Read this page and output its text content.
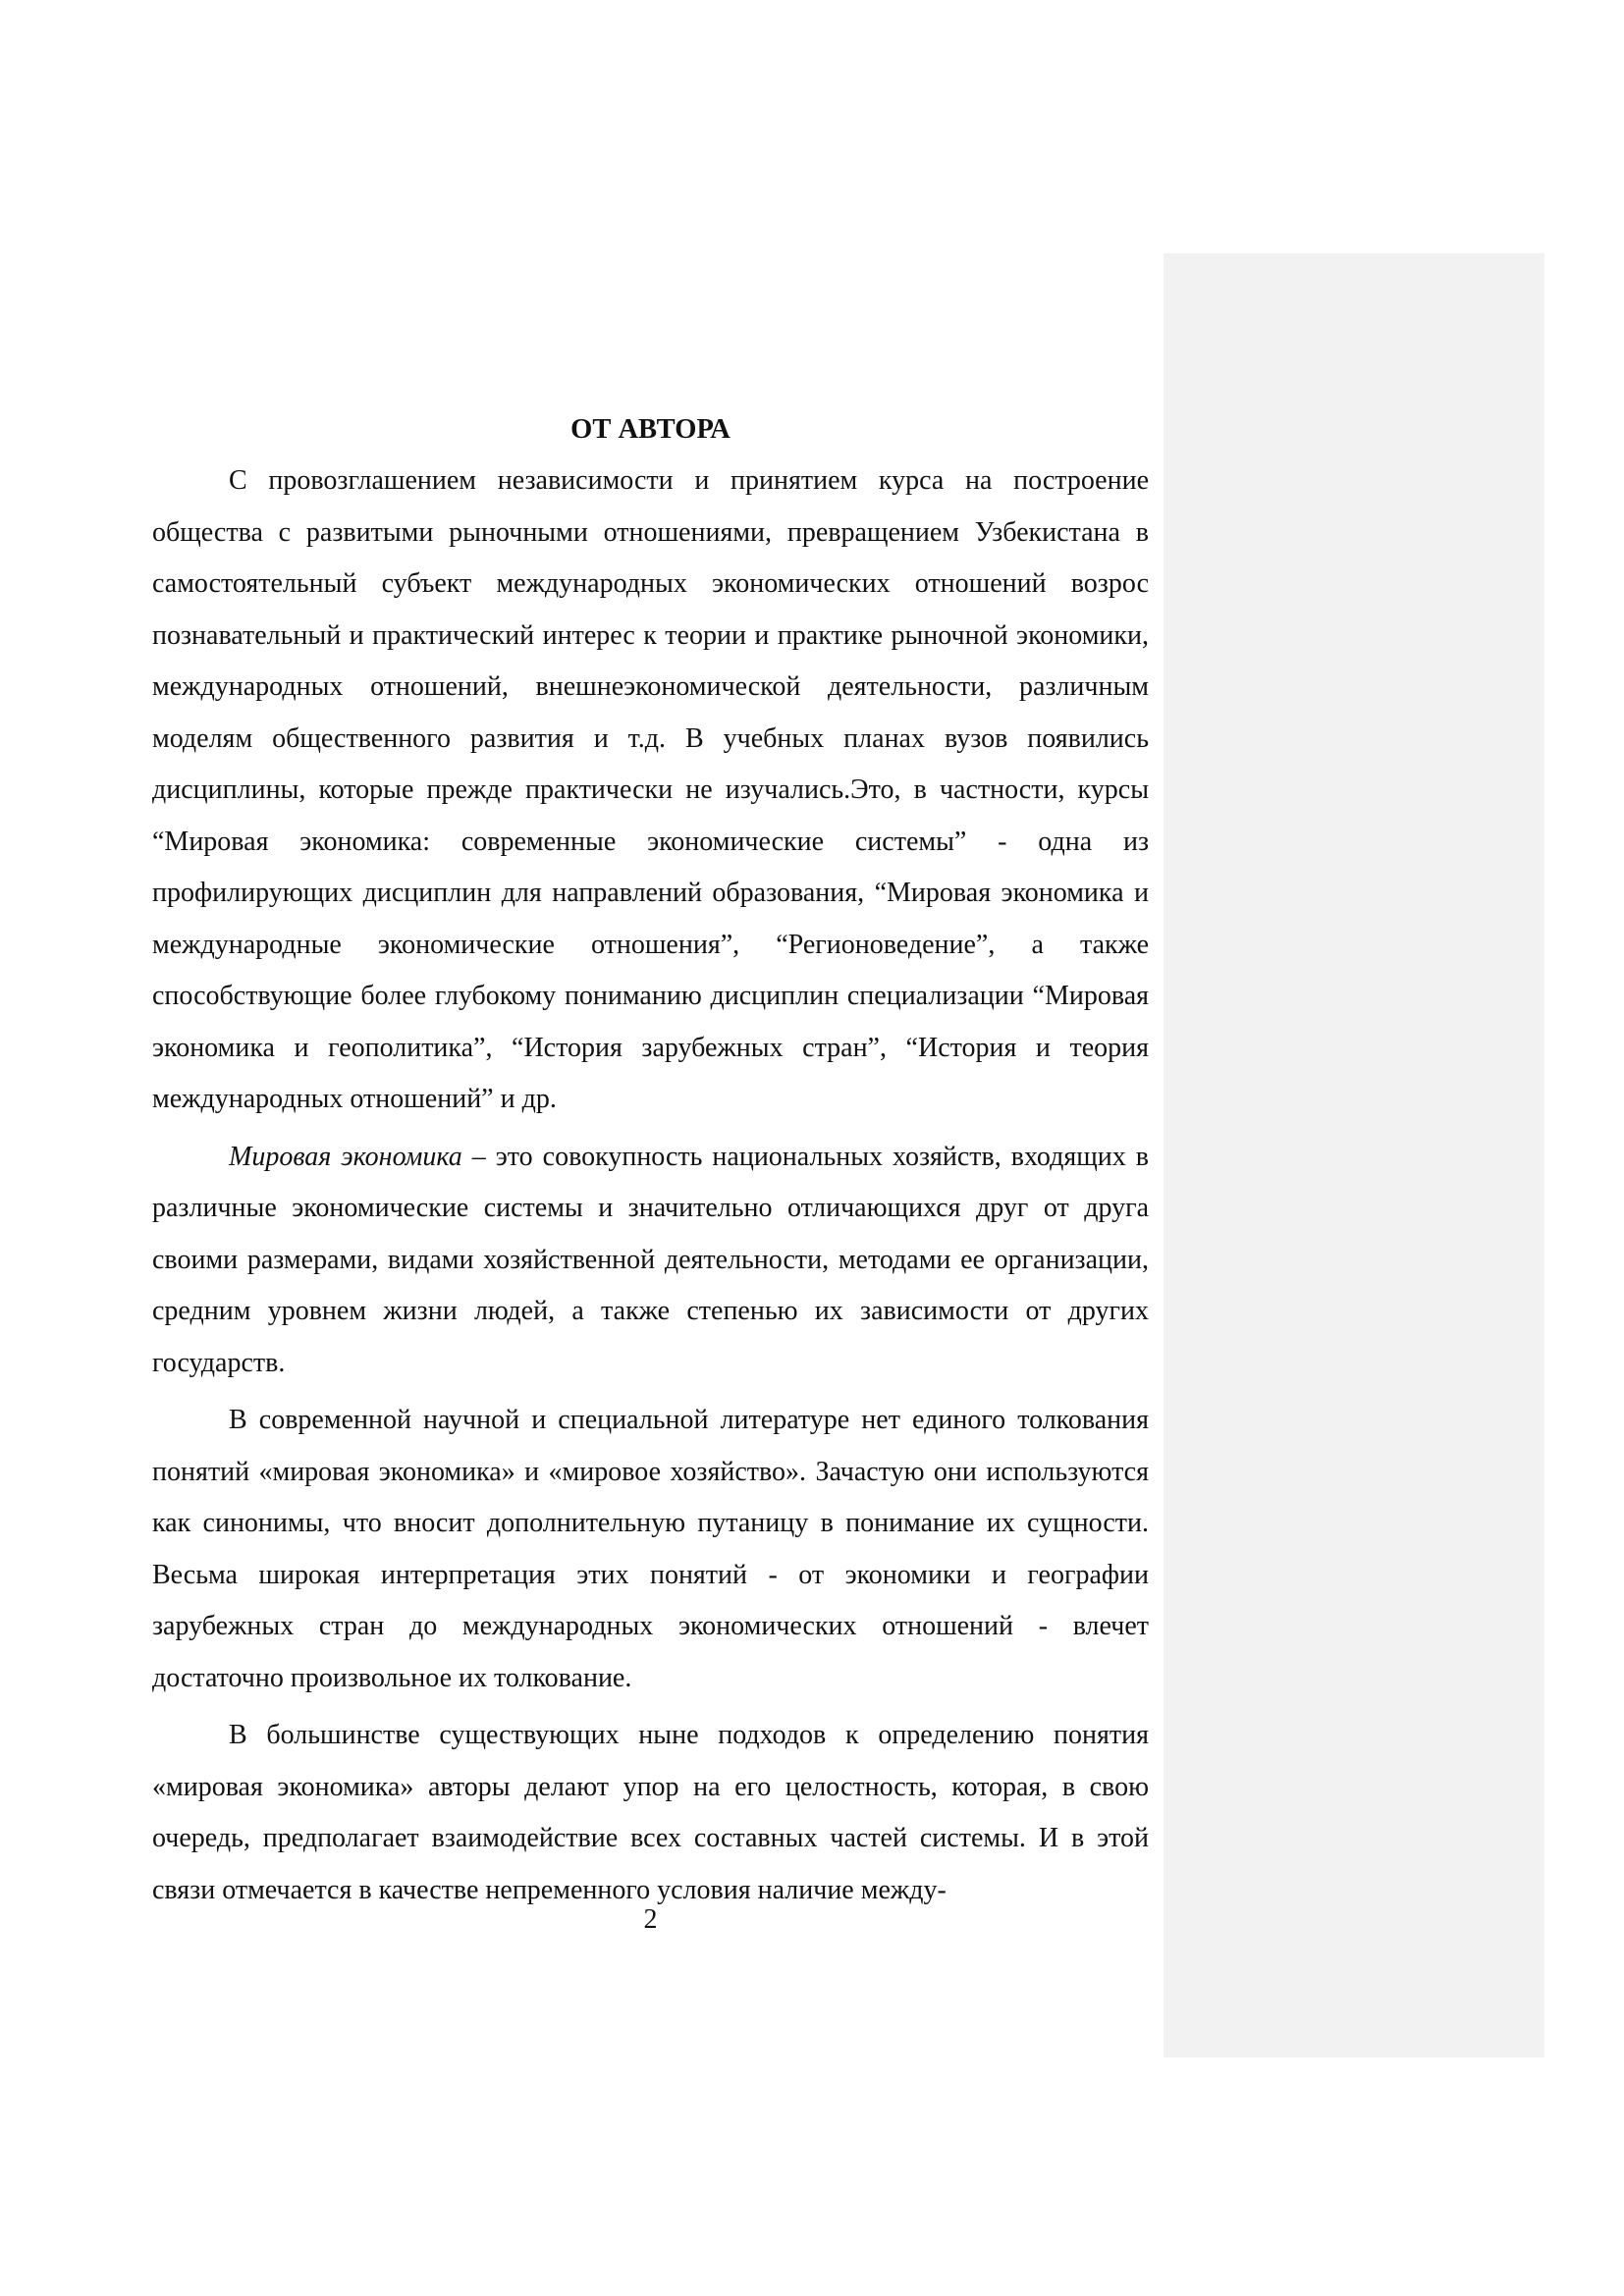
ОТ АВТОРА

С провозглашением независимости и принятием курса на построение общества с развитыми рыночными отношениями, превращением Узбекистана в самостоятельный субъект международных экономических отношений возрос познавательный и практический интерес к теории и практике рыночной экономики, международных отношений, внешнеэкономической деятельности, различным моделям общественного развития и т.д. В учебных планах вузов появились дисциплины, которые прежде практически не изучались.Это, в частности, курсы “Мировая экономика: современные экономические системы” - одна из профилирующих дисциплин для направлений образования, “Мировая экономика и международные экономические отношения”, “Регионоведение”, а также способствующие более глубокому пониманию дисциплин специализации “Мировая экономика и геополитика”, “История зарубежных стран”, “История и теория международных отношений” и др.

Мировая экономика – это совокупность национальных хозяйств, входящих в различные экономические системы и значительно отличающихся друг от друга своими размерами, видами хозяйственной деятельности, методами ее организации, средним уровнем жизни людей, а также степенью их зависимости от других государств.

В современной научной и специальной литературе нет единого толкования понятий «мировая экономика» и «мировое хозяйство». Зачастую они используются как синонимы, что вносит дополнительную путаницу в понимание их сущности. Весьма широкая интерпретация этих понятий - от экономики и географии зарубежных стран до международных экономических отношений - влечет достаточно произвольное их толкование.

В большинстве существующих ныне подходов к определению понятия «мировая экономика» авторы делают упор на его целостность, которая, в свою очередь, предполагает взаимодействие всех составных частей системы. И в этой связи отмечается в качестве непременного условия наличие между-

2
